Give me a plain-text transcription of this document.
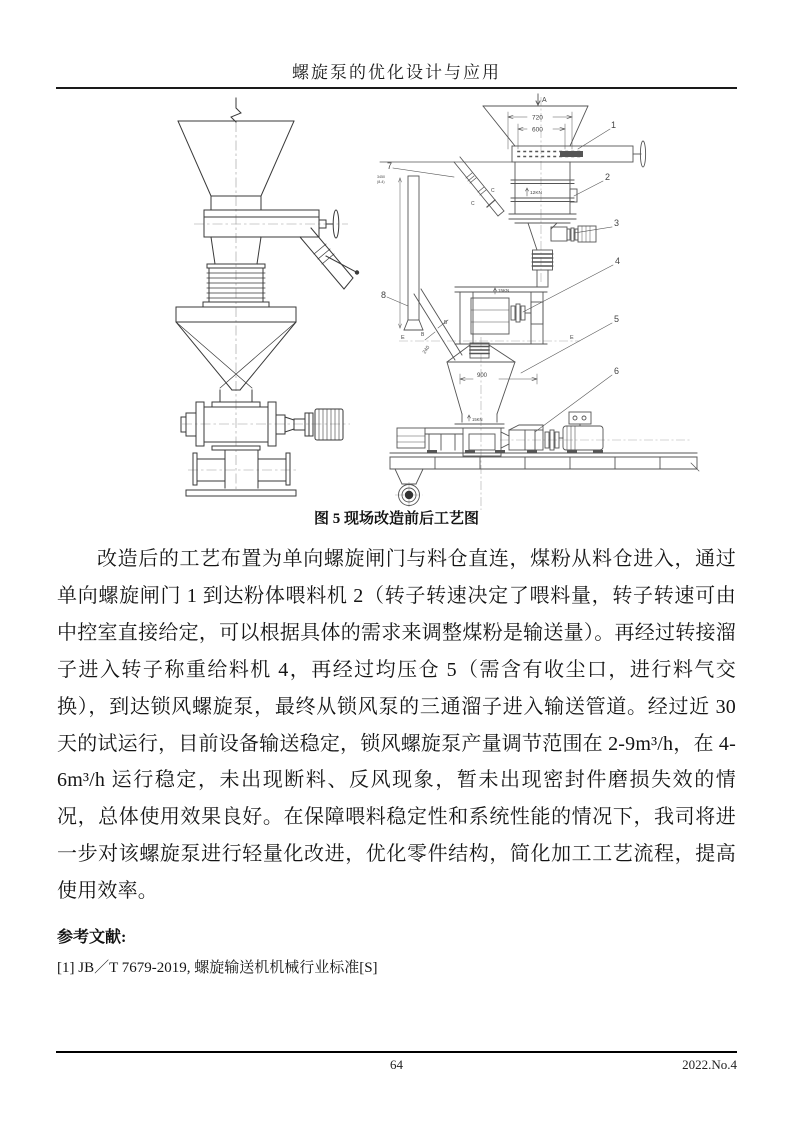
螺旋泵的优化设计与应用
A
720
600	1
2
3
4
5
6
7
8
12KN
15KN
15KN
C
C
B
B
E	E
900
240
3450
(8-4)
图 5 现场改造前后工艺图

改造后的工艺布置为单向螺旋闸门与料仓直连，煤粉从料仓进入，通过单向螺旋闸门 1 到达粉体喂料机 2（转子转速决定了喂料量，转子转速可由中控室直接给定，可以根据具体的需求来调整煤粉是输送量）。再经过转接溜子进入转子称重给料机 4，再经过均压仓 5（需含有收尘口，进行料气交换），到达锁风螺旋泵，最终从锁风泵的三通溜子进入输送管道。经过近 30 天的试运行，目前设备输送稳定，锁风螺旋泵产量调节范围在 2-9m³/h，在 4-6m³/h 运行稳定，未出现断料、反风现象，暂未出现密封件磨损失效的情况，总体使用效果良好。在保障喂料稳定性和系统性能的情况下，我司将进一步对该螺旋泵进行轻量化改进，优化零件结构，简化加工工艺流程，提高使用效率。

参考文献:

[1] JB／T 7679-2019, 螺旋输送机机械行业标准[S]

64	2022.No.4
